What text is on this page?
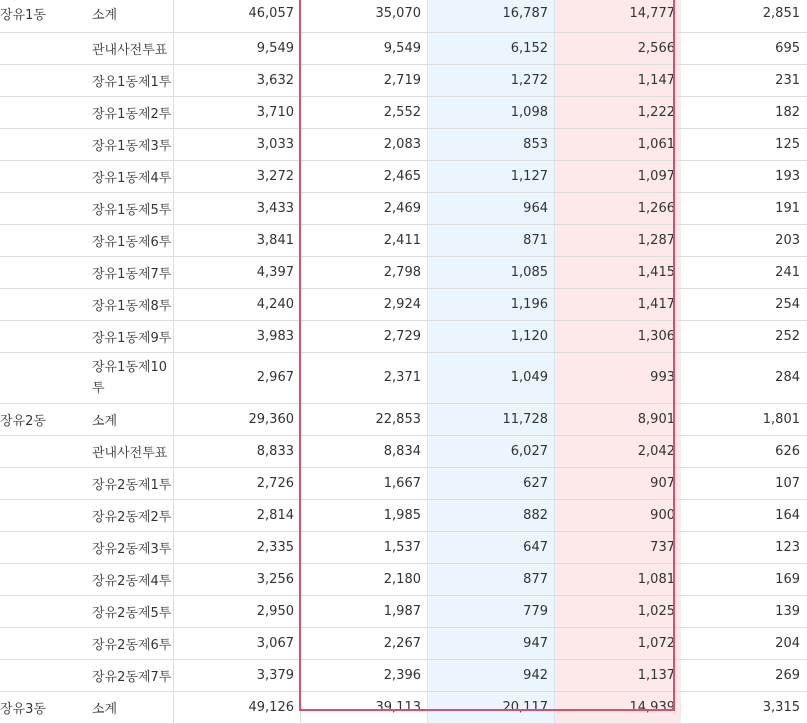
장유1동	소계	46,057	35,070	16,787	14,777	2,851
	관내사전투표	9,549	9,549	6,152	2,566	695
	장유1동제1투	3,632	2,719	1,272	1,147	231
	장유1동제2투	3,710	2,552	1,098	1,222	182
	장유1동제3투	3,033	2,083	853	1,061	125
	장유1동제4투	3,272	2,465	1,127	1,097	193
	장유1동제5투	3,433	2,469	964	1,266	191
	장유1동제6투	3,841	2,411	871	1,287	203
	장유1동제7투	4,397	2,798	1,085	1,415	241
	장유1동제8투	4,240	2,924	1,196	1,417	254
	장유1동제9투	3,983	2,729	1,120	1,306	252
	장유1동제10투	2,967	2,371	1,049	993	284
장유2동	소계	29,360	22,853	11,728	8,901	1,801
	관내사전투표	8,833	8,834	6,027	2,042	626
	장유2동제1투	2,726	1,667	627	907	107
	장유2동제2투	2,814	1,985	882	900	164
	장유2동제3투	2,335	1,537	647	737	123
	장유2동제4투	3,256	2,180	877	1,081	169
	장유2동제5투	2,950	1,987	779	1,025	139
	장유2동제6투	3,067	2,267	947	1,072	204
	장유2동제7투	3,379	2,396	942	1,137	269
장유3동	소계	49,126	39,113	20,117	14,939	3,315
